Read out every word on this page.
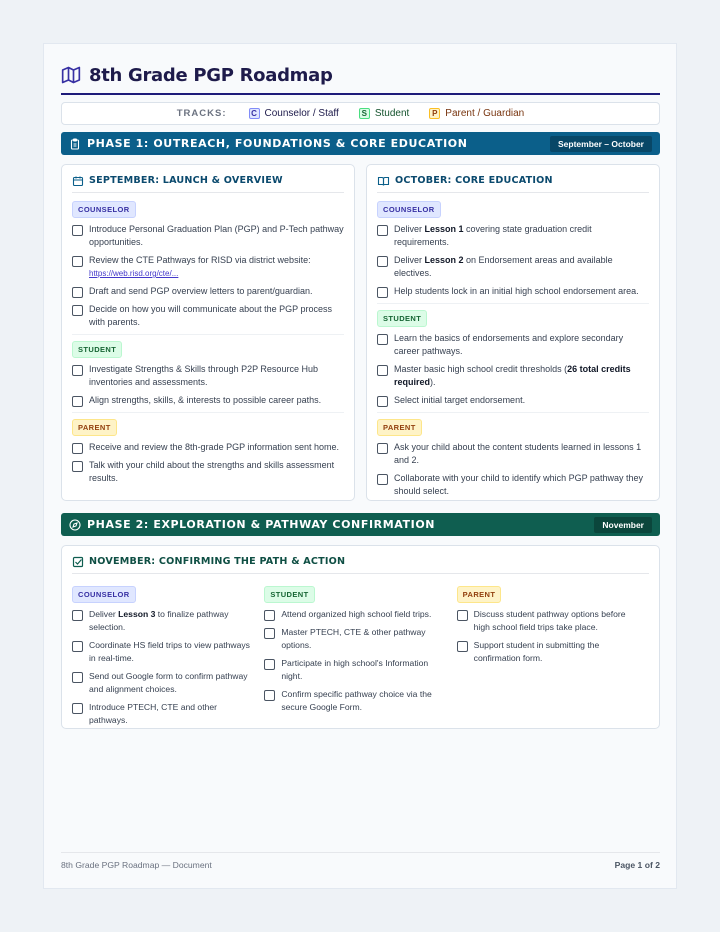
8th Grade PGP Roadmap
TRACKS:	C Counselor / Staff	S Student	P Parent / Guardian
PHASE 1: OUTREACH, FOUNDATIONS & CORE EDUCATION	September – October
SEPTEMBER: LAUNCH & OVERVIEW
COUNSELOR
Introduce Personal Graduation Plan (PGP) and P-Tech pathway opportunities.
Review the CTE Pathways for RISD via district website:
https://web.risd.org/cte/...
Draft and send PGP overview letters to parent/guardian.
Decide on how you will communicate about the PGP process with parents.
STUDENT
Investigate Strengths & Skills through P2P Resource Hub inventories and assessments.
Align strengths, skills, & interests to possible career paths.
PARENT
Receive and review the 8th-grade PGP information sent home.
Talk with your child about the strengths and skills assessment results.
OCTOBER: CORE EDUCATION
COUNSELOR
Deliver Lesson 1 covering state graduation credit requirements.
Deliver Lesson 2 on Endorsement areas and available electives.
Help students lock in an initial high school endorsement area.
STUDENT
Learn the basics of endorsements and explore secondary career pathways.
Master basic high school credit thresholds (26 total credits required).
Select initial target endorsement.
PARENT
Ask your child about the content students learned in lessons 1 and 2.
Collaborate with your child to identify which PGP pathway they should select.
PHASE 2: EXPLORATION & PATHWAY CONFIRMATION	November
NOVEMBER: CONFIRMING THE PATH & ACTION
COUNSELOR
Deliver Lesson 3 to finalize pathway selection.
Coordinate HS field trips to view pathways in real-time.
Send out Google form to confirm pathway and alignment choices.
Introduce PTECH, CTE and other pathways.
STUDENT
Attend organized high school field trips.
Master PTECH, CTE & other pathway options.
Participate in high school's Information night.
Confirm specific pathway choice via the secure Google Form.
PARENT
Discuss student pathway options before high school field trips take place.
Support student in submitting the confirmation form.
8th Grade PGP Roadmap — Document	Page 1 of 2
